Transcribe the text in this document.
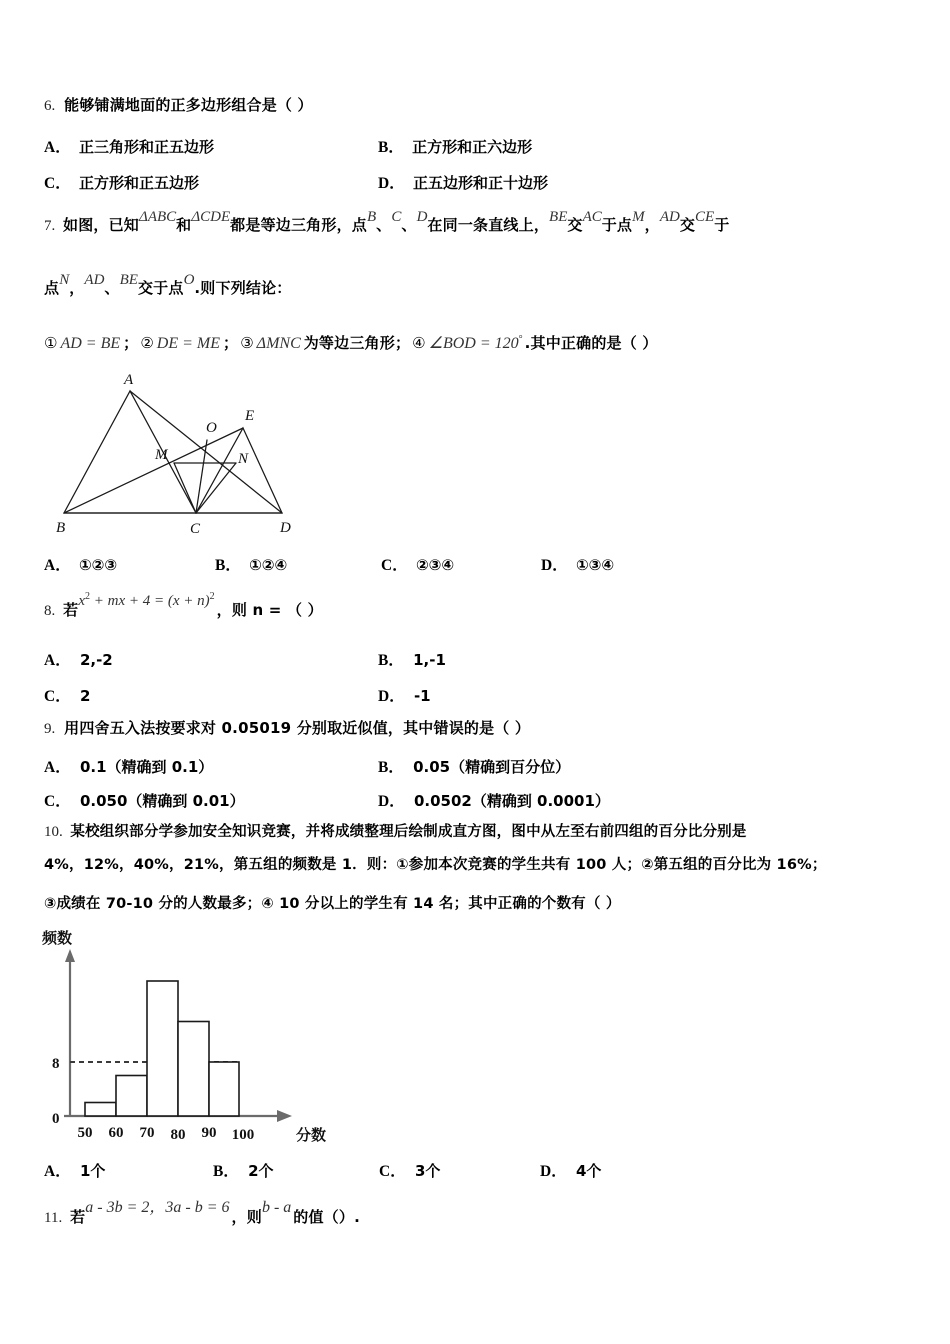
6. 能够铺满地面的正多边形组合是（ ）
A． 正三角形和正五边形	B． 正方形和正六边形
C． 正方形和正五边形	D． 正五边形和正十边形
7. 如图，已知ΔABC和ΔCDE都是等边三角形，点B、C、D在同一条直线上，BE交AC于点M，AD交CE于
点N，AD、BE交于点O.则下列结论：
① AD = BE ； ② DE = ME ； ③ ΔMNC 为等边三角形； ④ ∠BOD = 120° .其中正确的是（ ）
A
B	C	D
E
M	N
O
A． ①②③	B． ①②④	C． ②③④	D． ①③④
8. 若$x^2$ + mx + $4 = (x + n)^2$，则 n = （ ）
A． 2,-2	B． 1,-1
C． 2	D． -1
9. 用四舍五入法按要求对 0.05019 分别取近似值，其中错误的是（ ）
A． 0.1（精确到 0.1）	B． 0.05（精确到百分位）
C． 0.050（精确到 0.01）	D． 0.0502（精确到 0.0001）
10. 某校组织部分学参加安全知识竞赛，并将成绩整理后绘制成直方图，图中从左至右前四组的百分比分别是
4%，12%，40%，21%，第五组的频数是 1．则：①参加本次竞赛的学生共有 100 人；②第五组的百分比为 16%；
③成绩在 70-10 分的人数最多；④ 10 分以上的学生有 14 名；其中正确的个数有（ ）
频数
分数
8
0
50 60 70 80 90 100
A． 1个	B． 2个	C． 3个	D． 4个
11. 若a - 3b = 2，3a - b = 6，则b - a的值（）.
